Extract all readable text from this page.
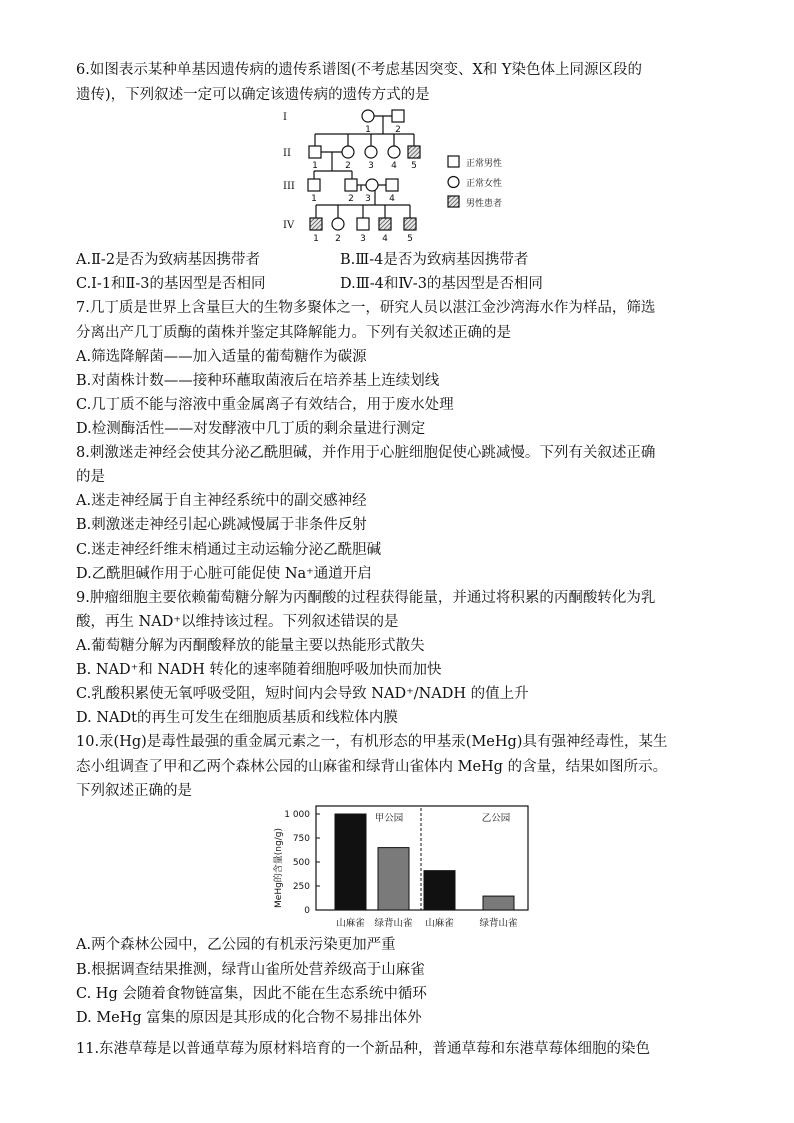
6.如图表示某种单基因遗传病的遗传系谱图(不考虑基因突变、X和 Y染色体上同源区段的
遗传)，下列叙述一定可以确定该遗传病的遗传方式的是
I
II
III
IV
1	2
1	2 3 4 5
1	2 3 4
1 2 3 4 5
正常男性
正常女性
男性患者
A.Ⅱ-2是否为致病基因携带者	B.Ⅲ-4是否为致病基因携带者
C.Ⅰ-1和Ⅱ-3的基因型是否相同	D.Ⅲ-4和Ⅳ-3的基因型是否相同
7.几丁质是世界上含量巨大的生物多聚体之一，研究人员以湛江金沙湾海水作为样品，筛选
分离出产几丁质酶的菌株并鉴定其降解能力。下列有关叙述正确的是
A.筛选降解菌——加入适量的葡萄糖作为碳源
B.对菌株计数——接种环蘸取菌液后在培养基上连续划线
C.几丁质不能与溶液中重金属离子有效结合，用于废水处理
D.检测酶活性——对发酵液中几丁质的剩余量进行测定
8.刺激迷走神经会使其分泌乙酰胆碱，并作用于心脏细胞促使心跳减慢。下列有关叙述正确
的是
A.迷走神经属于自主神经系统中的副交感神经
B.刺激迷走神经引起心跳减慢属于非条件反射
C.迷走神经纤维末梢通过主动运输分泌乙酰胆碱
D.乙酰胆碱作用于心脏可能促使 Na⁺通道开启
9.肿瘤细胞主要依赖葡萄糖分解为丙酮酸的过程获得能量，并通过将积累的丙酮酸转化为乳
酸，再生 NAD⁺以维持该过程。下列叙述错误的是
A.葡萄糖分解为丙酮酸释放的能量主要以热能形式散失
B. NAD⁺和 NADH 转化的速率随着细胞呼吸加快而加快
C.乳酸积累使无氧呼吸受阻，短时间内会导致 NAD⁺/NADH 的值上升
D. NADt的再生可发生在细胞质基质和线粒体内膜
10.汞(Hg)是毒性最强的重金属元素之一，有机形态的甲基汞(MeHg)具有强神经毒性，某生
态小组调查了甲和乙两个森林公园的山麻雀和绿背山雀体内 MeHg 的含量，结果如图所示。
下列叙述正确的是
MeHg的含量(ng/g)
1 000
750
500
250
0
山麻雀 绿背山雀 山麻雀	绿背山雀
甲公园	乙公园
A.两个森林公园中，乙公园的有机汞污染更加严重
B.根据调查结果推测，绿背山雀所处营养级高于山麻雀
C. Hg 会随着食物链富集，因此不能在生态系统中循环
D. MeHg 富集的原因是其形成的化合物不易排出体外
11.东港草莓是以普通草莓为原材料培育的一个新品种，普通草莓和东港草莓体细胞的染色
